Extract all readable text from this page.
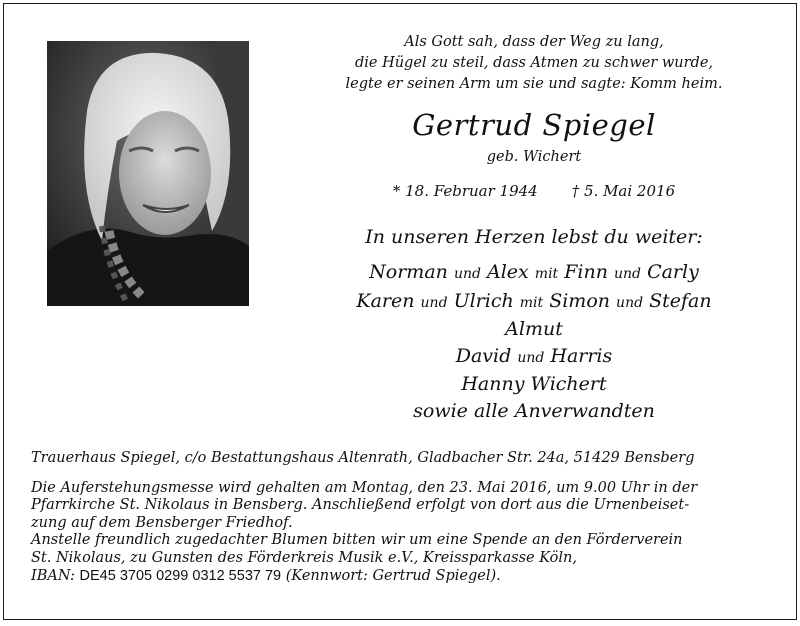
Als Gott sah, dass der Weg zu lang,
die Hügel zu steil, dass Atmen zu schwer wurde,
legte er seinen Arm um sie und sagte: Komm heim.
Gertrud Spiegel
geb. Wichert
* 18. Februar 1944 † 5. Mai 2016
In unseren Herzen lebst du weiter:
Norman und Alex mit Finn und Carly
Karen und Ulrich mit Simon und Stefan
Almut
David und Harris
Hanny Wichert
sowie alle Anverwandten

Trauerhaus Spiegel, c/o Bestattungshaus Altenrath, Gladbacher Str. 24a, 51429 Bensberg

Die Auferstehungsmesse wird gehalten am Montag, den 23. Mai 2016, um 9.00 Uhr in der

Pfarrkirche St. Nikolaus in Bensberg. Anschließend erfolgt von dort aus die Urnenbeiset-

zung auf dem Bensberger Friedhof.

Anstelle freundlich zugedachter Blumen bitten wir um eine Spende an den Förderverein

St. Nikolaus, zu Gunsten des Förderkreis Musik e.V., Kreissparkasse Köln,

IBAN: DE45 3705 0299 0312 5537 79 (Kennwort: Gertrud Spiegel).
